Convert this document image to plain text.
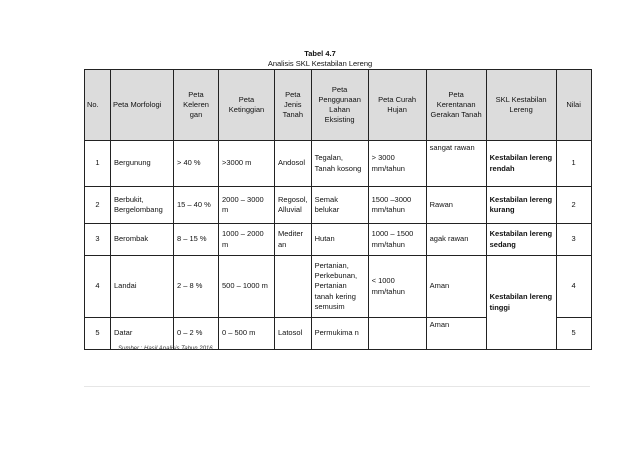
Tabel 4.7
Analisis SKL Kestabilan Lereng
No.	Peta Morfologi	Peta Keleren gan	Peta Ketinggian	Peta Jenis Tanah	Peta Penggunaan Lahan Eksisting	Peta Curah Hujan	Peta Kerentanan Gerakan Tanah	SKL Kestabilan Lereng	Nilai
1	Bergunung	> 40 %	>3000 m	Andosol	Tegalan, Tanah kosong	> 3000 mm/tahun	sangat rawan	Kestabilan lereng rendah	1
2	Berbukit, Bergelombang	15 – 40 %	2000 – 3000 m	Regosol, Alluvial	Semak belukar	1500 –3000 mm/tahun	Rawan	Kestabilan lereng kurang	2
3	Berombak	8 – 15 %	1000 – 2000 m	Mediter an	Hutan	1000 – 1500 mm/tahun	agak rawan	Kestabilan lereng sedang	3
4	Landai	2 – 8 %	500 – 1000 m		Pertanian, Perkebunan, Pertanian tanah kering semusim	< 1000 mm/tahun	Aman	Kestabilan lereng tinggi	4
5	Datar	0 – 2 %	0 – 500 m	Latosol	Permukima n		Aman		5
Sumber : Hasil Analisis Tahun 2016
